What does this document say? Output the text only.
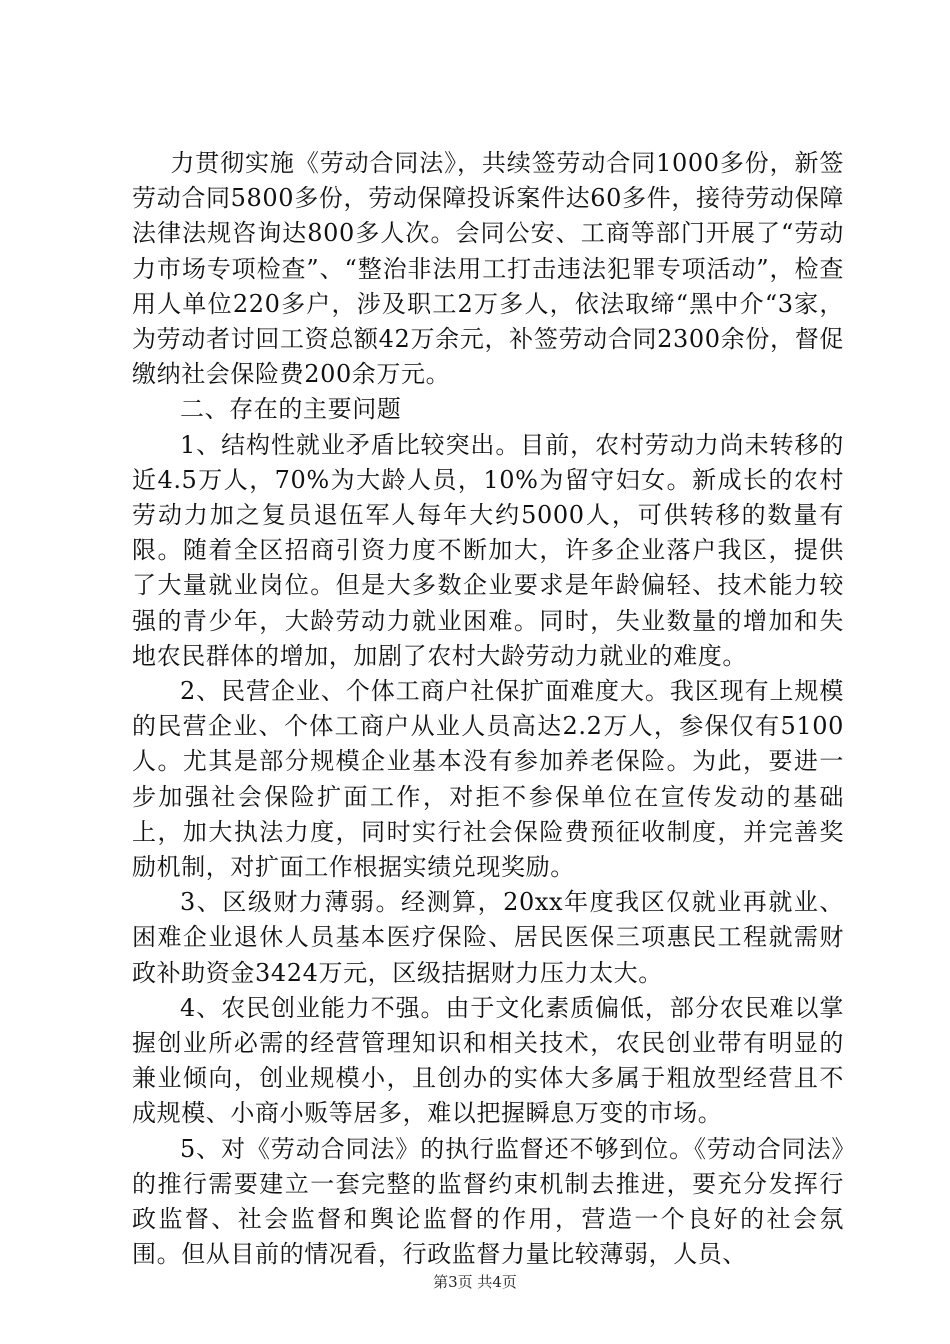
力贯彻实施《劳动合同法》，共续签劳动合同1000多份，新签劳动合同5800多份，劳动保障投诉案件达60多件，接待劳动保障法律法规咨询达800多人次。会同公安、工商等部门开展了“劳动力市场专项检查”、“整治非法用工打击违法犯罪专项活动”，检查用人单位220多户，涉及职工2万多人，依法取缔“黑中介“3家，为劳动者讨回工资总额42万余元，补签劳动合同2300余份，督促缴纳社会保险费200余万元。

二、存在的主要问题

1、结构性就业矛盾比较突出。目前，农村劳动力尚未转移的近4.5万人，70%为大龄人员，10%为留守妇女。新成长的农村劳动力加之复员退伍军人每年大约5000人，可供转移的数量有限。随着全区招商引资力度不断加大，许多企业落户我区，提供了大量就业岗位。但是大多数企业要求是年龄偏轻、技术能力较强的青少年，大龄劳动力就业困难。同时，失业数量的增加和失地农民群体的增加，加剧了农村大龄劳动力就业的难度。

2、民营企业、个体工商户社保扩面难度大。我区现有上规模的民营企业、个体工商户从业人员高达2.2万人，参保仅有5100人。尤其是部分规模企业基本没有参加养老保险。为此，要进一步加强社会保险扩面工作，对拒不参保单位在宣传发动的基础上，加大执法力度，同时实行社会保险费预征收制度，并完善奖励机制，对扩面工作根据实绩兑现奖励。

3、区级财力薄弱。经测算，20xx年度我区仅就业再就业、困难企业退休人员基本医疗保险、居民医保三项惠民工程就需财政补助资金3424万元，区级拮据财力压力太大。

4、农民创业能力不强。由于文化素质偏低，部分农民难以掌握创业所必需的经营管理知识和相关技术，农民创业带有明显的兼业倾向，创业规模小，且创办的实体大多属于粗放型经营且不成规模、小商小贩等居多，难以把握瞬息万变的市场。

5、对《劳动合同法》的执行监督还不够到位。《劳动合同法》的推行需要建立一套完整的监督约束机制去推进，要充分发挥行政监督、社会监督和舆论监督的作用，营造一个良好的社会氛围。但从目前的情况看，行政监督力量比较薄弱，人员、

第3页 共4页
